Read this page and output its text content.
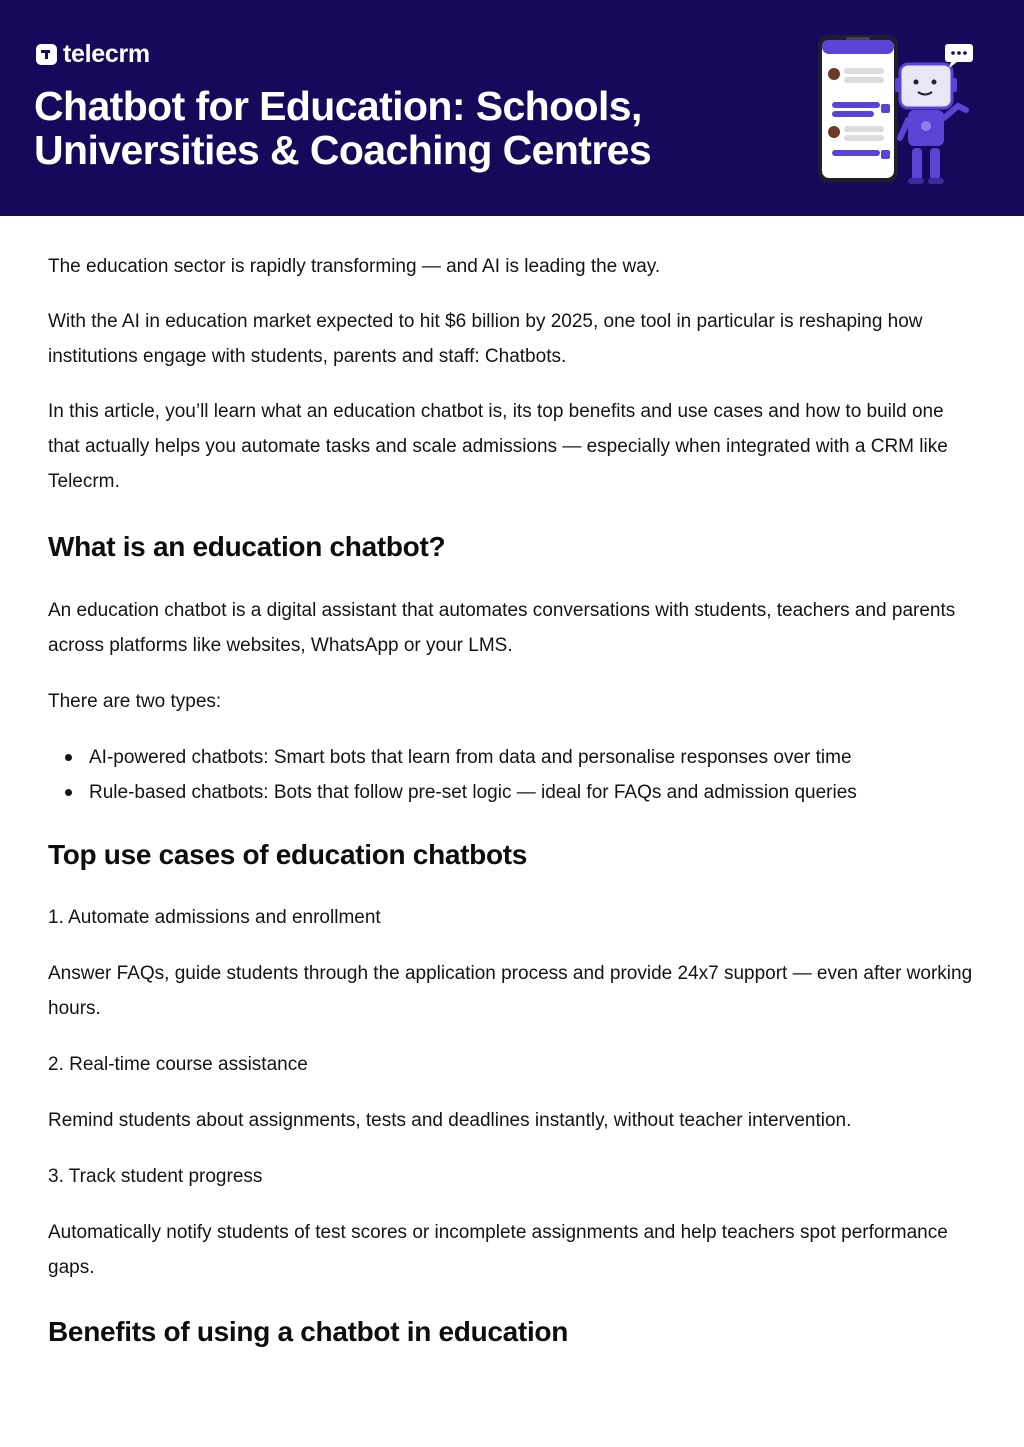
telecrm
Chatbot for Education: Schools,
Universities & Coaching Centres

The education sector is rapidly transforming — and AI is leading the way.

With the AI in education market expected to hit $6 billion by 2025, one tool in particular is reshaping how institutions engage with students, parents and staff: Chatbots.

In this article, you’ll learn what an education chatbot is, its top benefits and use cases and how to build one that actually helps you automate tasks and scale admissions — especially when integrated with a CRM like Telecrm.

What is an education chatbot?

An education chatbot is a digital assistant that automates conversations with students, teachers and parents across platforms like websites, WhatsApp or your LMS.

There are two types:

AI-powered chatbots: Smart bots that learn from data and personalise responses over time
Rule-based chatbots: Bots that follow pre-set logic — ideal for FAQs and admission queries
Top use cases of education chatbots

1. Automate admissions and enrollment

Answer FAQs, guide students through the application process and provide 24x7 support — even after working hours.

2. Real-time course assistance

Remind students about assignments, tests and deadlines instantly, without teacher intervention.

3. Track student progress

Automatically notify students of test scores or incomplete assignments and help teachers spot performance gaps.

Benefits of using a chatbot in education
